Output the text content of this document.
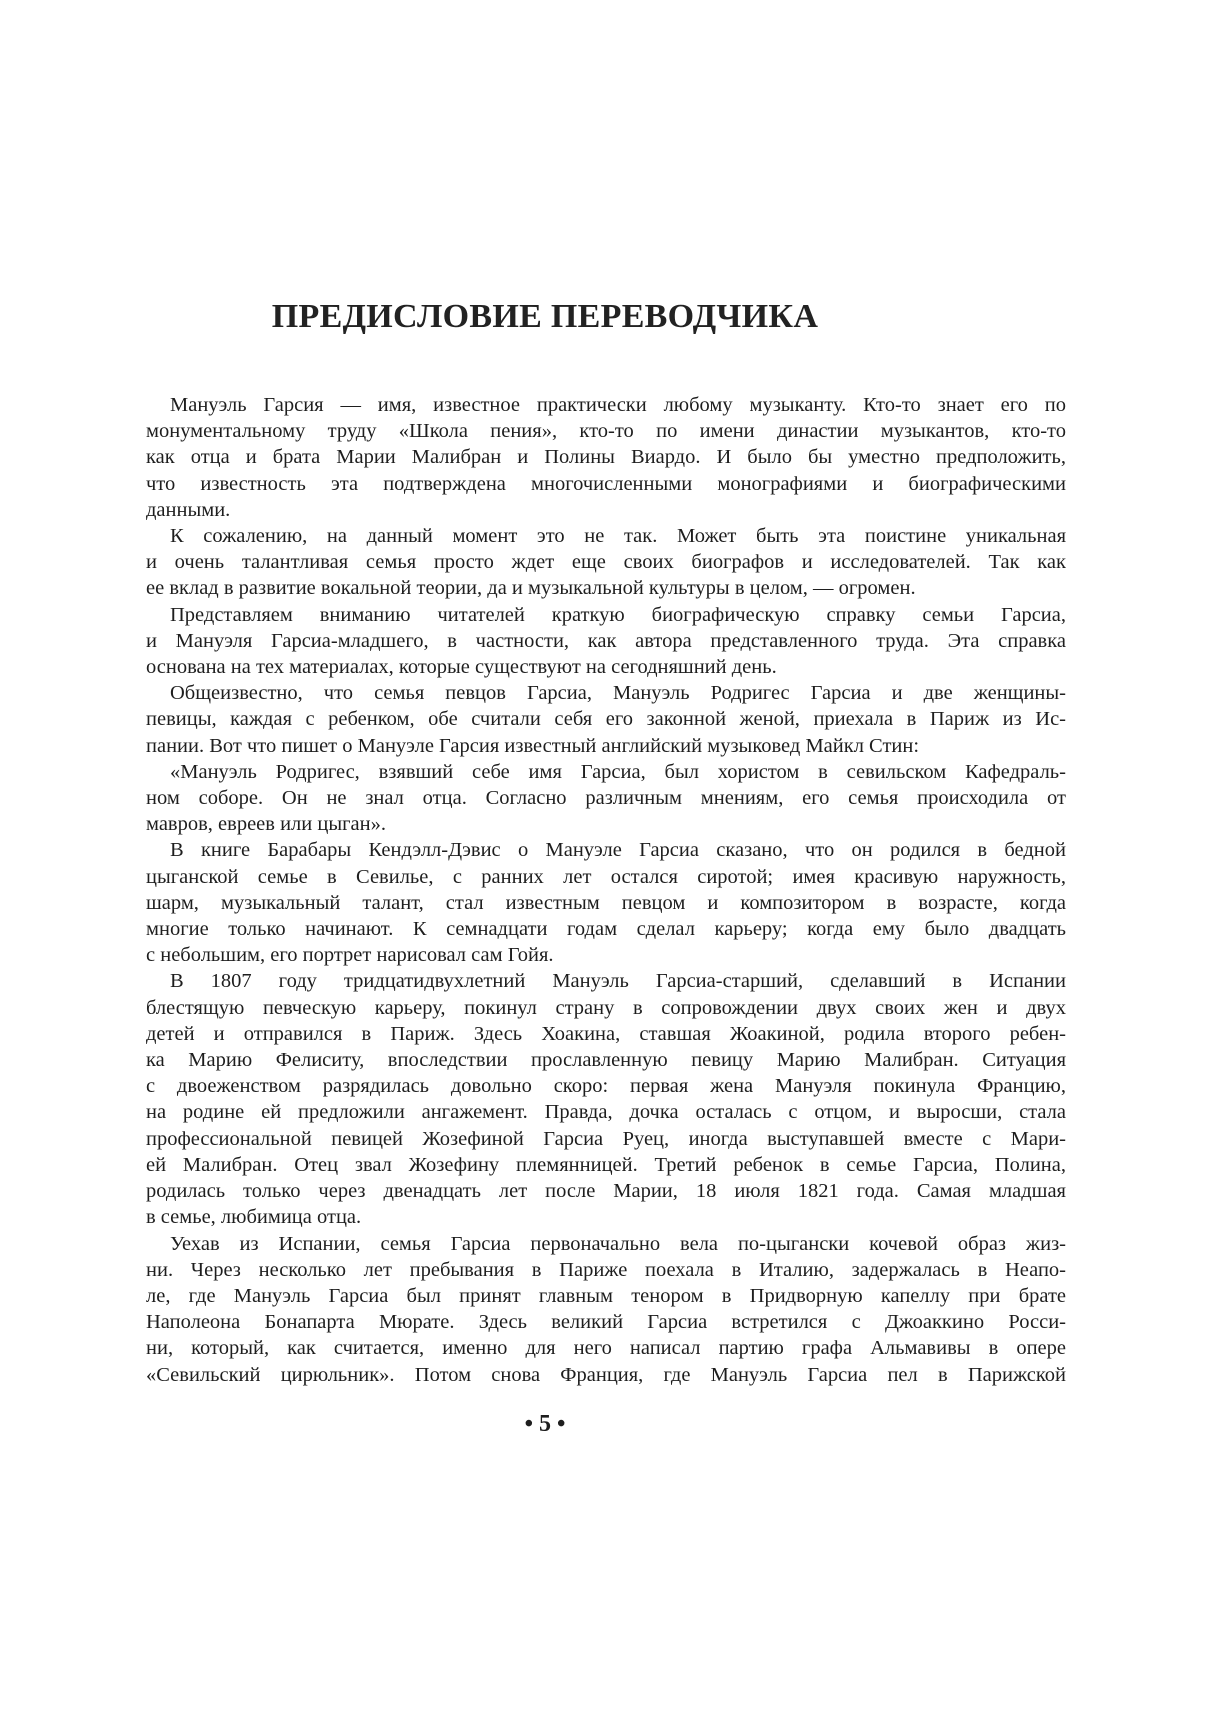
ПРЕДИСЛОВИЕ ПЕРЕВОДЧИКА
Мануэль Гарсия — имя, известное практически любому музыканту. Кто-то знает его по
монументальному труду «Школа пения», кто-то по имени династии музыкантов, кто-то
как отца и брата Марии Малибран и Полины Виардо. И было бы уместно предположить,
что известность эта подтверждена многочисленными монографиями и биографическими
данными.
К сожалению, на данный момент это не так. Может быть эта поистине уникальная
и очень талантливая семья просто ждет еще своих биографов и исследователей. Так как
ее вклад в развитие вокальной теории, да и музыкальной культуры в целом, — огромен.
Представляем вниманию читателей краткую биографическую справку семьи Гарсиа,
и Мануэля Гарсиа-младшего, в частности, как автора представленного труда. Эта справка
основана на тех материалах, которые существуют на сегодняшний день.
Общеизвестно, что семья певцов Гарсиа, Мануэль Родригес Гарсиа и две женщины-
певицы, каждая с ребенком, обе считали себя его законной женой, приехала в Париж из Ис-
пании. Вот что пишет о Мануэле Гарсия известный английский музыковед Майкл Стин:
«Мануэль Родригес, взявший себе имя Гарсиа, был хористом в севильском Кафедраль-
ном соборе. Он не знал отца. Согласно различным мнениям, его семья происходила от
мавров, евреев или цыган».
В книге Барабары Кендэлл-Дэвис о Мануэле Гарсиа сказано, что он родился в бедной
цыганской семье в Севилье, с ранних лет остался сиротой; имея красивую наружность,
шарм, музыкальный талант, стал известным певцом и композитором в возрасте, когда
многие только начинают. К семнадцати годам сделал карьеру; когда ему было двадцать
с небольшим, его портрет нарисовал сам Гойя.
В 1807 году тридцатидвухлетний Мануэль Гарсиа-старший, сделавший в Испании
блестящую певческую карьеру, покинул страну в сопровождении двух своих жен и двух
детей и отправился в Париж. Здесь Хоакина, ставшая Жоакиной, родила второго ребен-
ка Марию Фелиситу, впоследствии прославленную певицу Марию Малибран. Ситуация
с двоеженством разрядилась довольно скоро: первая жена Мануэля покинула Францию,
на родине ей предложили ангажемент. Правда, дочка осталась с отцом, и выросши, стала
профессиональной певицей Жозефиной Гарсиа Руец, иногда выступавшей вместе с Мари-
ей Малибран. Отец звал Жозефину племянницей. Третий ребенок в семье Гарсиа, Полина,
родилась только через двенадцать лет после Марии, 18 июля 1821 года. Самая младшая
в семье, любимица отца.
Уехав из Испании, семья Гарсиа первоначально вела по-цыгански кочевой образ жиз-
ни. Через несколько лет пребывания в Париже поехала в Италию, задержалась в Неапо-
ле, где Мануэль Гарсиа был принят главным тенором в Придворную капеллу при брате
Наполеона Бонапарта Мюрате. Здесь великий Гарсиа встретился с Джоаккино Росси-
ни, который, как считается, именно для него написал партию графа Альмавивы в опере
«Севильский цирюльник». Потом снова Франция, где Мануэль Гарсиа пел в Парижской
• 5 •
